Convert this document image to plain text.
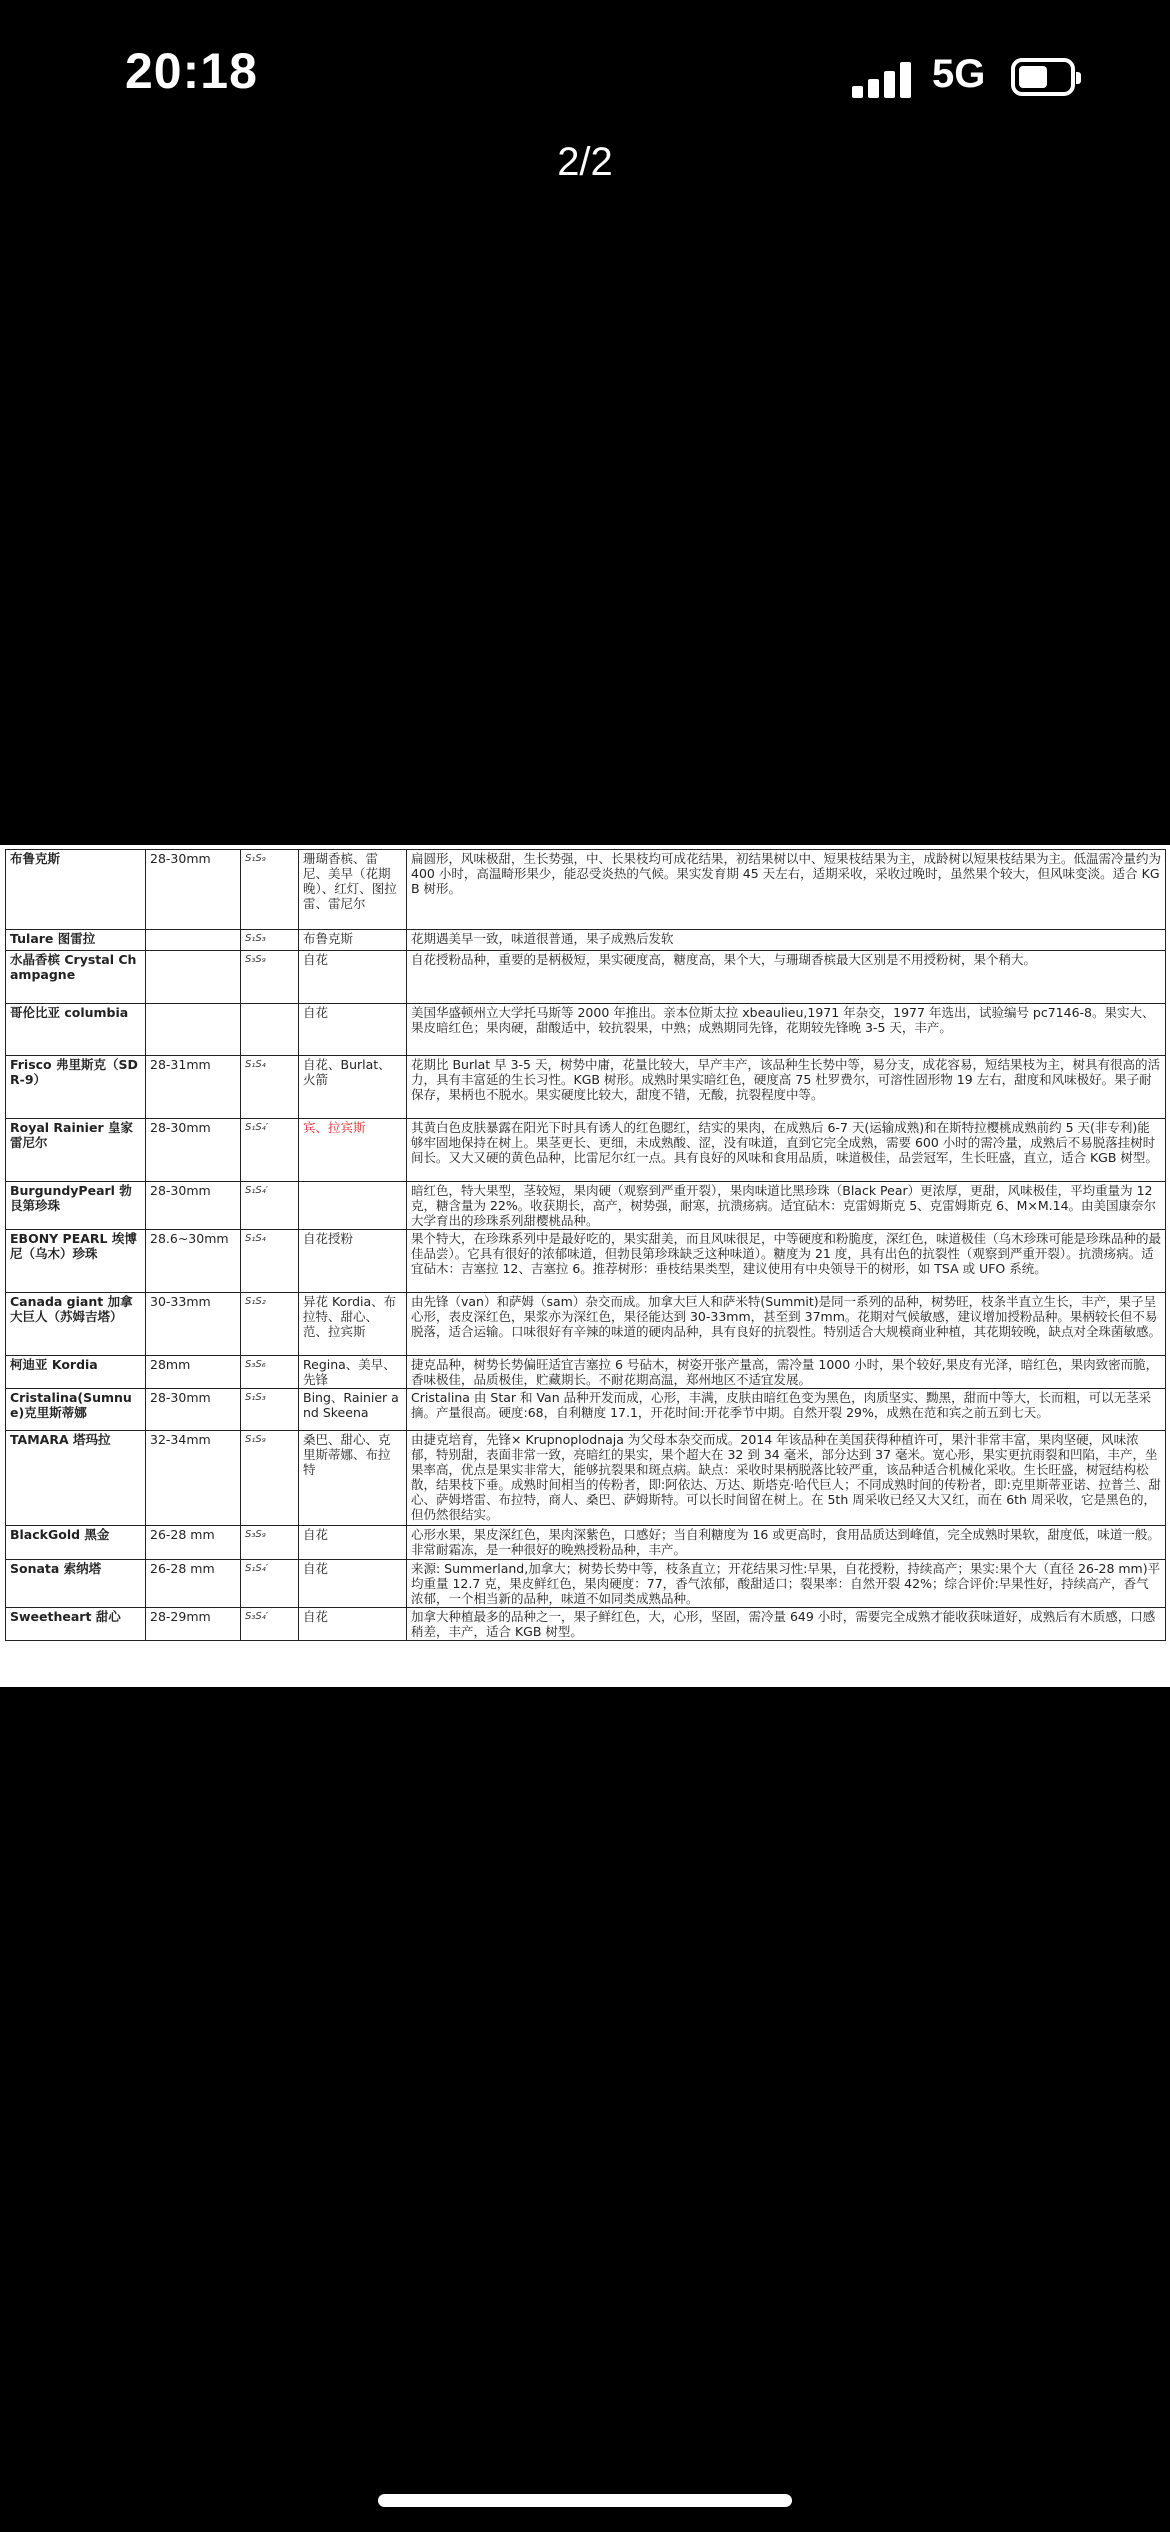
20:18	5G
2/2
布鲁克斯	28-30mm	S₁S₉	珊瑚香槟、雷尼、美早（花期晚）、红灯、图拉雷、雷尼尔	扁圆形，风味极甜，生长势强，中、长果枝均可成花结果，初结果树以中、短果枝结果为主，成龄树以短果枝结果为主。低温需冷量约为 400 小时，高温畸形果少，能忍受炎热的气候。果实发育期 45 天左右，适期采收，采收过晚时，虽然果个较大，但风味变淡。适合 KGB 树形。
Tulare 图雷拉		S₁S₃	布鲁克斯	花期遇美早一致，味道很普通，果子成熟后发软
水晶香槟 Crystal Champagne		S₃S₉	自花	自花授粉品种，重要的是柄极短，果实硬度高，糖度高，果个大，与珊瑚香槟最大区别是不用授粉树，果个稍大。
哥伦比亚 columbia			自花	美国华盛顿州立大学托马斯等 2000 年推出。亲本位斯太拉 xbeaulieu,1971 年杂交，1977 年选出，试验编号 pc7146-8。果实大、果皮暗红色；果肉硬，甜酸适中，较抗裂果，中熟；成熟期同先锋，花期较先锋晚 3-5 天，丰产。
Frisco 弗里斯克（SDR-9）	28-31mm	S₁S₄	自花、Burlat、火箭	花期比 Burlat 早 3-5 天，树势中庸，花量比较大，早产丰产，该品种生长势中等，易分支，成花容易，短结果枝为主，树具有很高的活力，具有丰富延的生长习性。KGB 树形。成熟时果实暗红色，硬度高 75 杜罗费尔，可溶性固形物 19 左右，甜度和风味极好。果子耐保存，果柄也不脱水。果实硬度比较大，甜度不错，无酸，抗裂程度中等。
Royal Rainier 皇家雷尼尔	28-30mm	S₁S₄′	宾、拉宾斯	其黄白色皮肤暴露在阳光下时具有诱人的红色腮红，结实的果肉，在成熟后 6-7 天(运输成熟)和在斯特拉樱桃成熟前约 5 天(非专利)能够牢固地保持在树上。果茎更长、更细，未成熟酸、涩，没有味道，直到它完全成熟，需要 600 小时的需冷量，成熟后不易脱落挂树时间长。又大又硬的黄色品种，比雷尼尔红一点。具有良好的风味和食用品质，味道极佳，品尝冠军，生长旺盛，直立，适合 KGB 树型。
BurgundyPearl 勃艮第珍珠	28-30mm	S₁S₄′		暗红色，特大果型，茎较短，果肉硬（观察到严重开裂），果肉味道比黑珍珠（Black Pear）更浓厚，更甜，风味极佳，平均重量为 12 克，糖含量为 22%。收获期长，高产，树势强，耐寒，抗溃疡病。适宜砧木：克雷姆斯克 5、克雷姆斯克 6、M×M.14。由美国康奈尔大学育出的珍珠系列甜樱桃品种。
EBONY PEARL 埃博尼（乌木）珍珠	28.6~30mm	S₁S₄	自花授粉	果个特大，在珍珠系列中是最好吃的，果实甜美，而且风味很足，中等硬度和粉脆度，深红色，味道极佳（乌木珍珠可能是珍珠品种的最佳品尝）。它具有很好的浓郁味道，但勃艮第珍珠缺乏这种味道）。糖度为 21 度，具有出色的抗裂性（观察到严重开裂）。抗溃疡病。适宜砧木：吉塞拉 12、吉塞拉 6。推荐树形：垂枝结果类型，建议使用有中央领导干的树形，如 TSA 或 UFO 系统。
Canada giant 加拿大巨人（苏姆吉塔）	30-33mm	S₁S₂	异花 Kordia、布拉特、甜心、范、拉宾斯	由先锋（van）和萨姆（sam）杂交而成。加拿大巨人和萨米特(Summit)是同一系列的品种，树势旺，枝条半直立生长，丰产，果子呈心形，表皮深红色，果浆亦为深红色，果径能达到 30-33mm，甚至到 37mm。花期对气候敏感，建议增加授粉品种。果柄较长但不易脱落，适合运输。口味很好有辛辣的味道的硬肉品种，具有良好的抗裂性。特别适合大规模商业种植，其花期较晚，缺点对全珠菌敏感。
柯迪亚 Kordia	28mm	S₃S₆	Regina、美早、先锋	捷克品种，树势长势偏旺适宜吉塞拉 6 号砧木，树姿开张产量高，需冷量 1000 小时，果个较好,果皮有光泽，暗红色，果肉致密而脆，香味极佳，品质极佳，贮藏期长。不耐花期高温，郑州地区不适宜发展。
Cristalina(Sumnue)克里斯蒂娜	28-30mm	S₁S₃	Bing、Rainier and Skeena	Cristalina 由 Star 和 Van 品种开发而成，心形，丰满，皮肤由暗红色变为黑色，肉质坚实、黝黑，甜而中等大，长而粗，可以无茎采摘。产量很高。硬度:68，自利糖度 17.1，开花时间:开花季节中期。自然开裂 29%，成熟在范和宾之前五到七天。
TAMARA 塔玛拉	32-34mm	S₁S₉	桑巴、甜心、克里斯蒂娜、布拉特	由捷克培育，先锋× Krupnoplodnaja 为父母本杂交而成。2014 年该品种在美国获得种植许可，果汁非常丰富，果肉坚硬，风味浓郁，特别甜，表面非常一致，亮暗红的果实，果个超大在 32 到 34 毫米，部分达到 37 毫米。宽心形，果实更抗雨裂和凹陷，丰产，坐果率高，优点是果实非常大，能够抗裂果和斑点病。缺点：采收时果柄脱落比较严重，该品种适合机械化采收。生长旺盛，树冠结构松散，结果枝下垂。成熟时间相当的传粉者，即:阿依达、万达、斯塔克·哈代巨人；不同成熟时间的传粉者，即:克里斯蒂亚诺、拉普兰、甜心、萨姆塔雷、布拉特，商人、桑巴、萨姆斯特。可以长时间留在树上。在 5th 周采收已经又大又红，而在 6th 周采收，它是黑色的，但仍然很结实。
BlackGold 黑金	26-28 mm	S₃S₉	自花	心形水果，果皮深红色，果肉深紫色，口感好；当自利糖度为 16 或更高时，食用品质达到峰值，完全成熟时果软，甜度低，味道一般。非常耐霜冻，是一种很好的晚熟授粉品种，丰产。
Sonata 索纳塔	26-28 mm	S₁S₄′	自花	来源: Summerland,加拿大；树势长势中等，枝条直立；开花结果习性:早果，自花授粉，持续高产；果实:果个大（直径 26-28 mm)平均重量 12.7 克，果皮鲜红色，果肉硬度：77，香气浓郁，酸甜适口；裂果率：自然开裂 42%；综合评价:早果性好，持续高产，香气浓郁，一个相当新的品种，味道不如同类成熟品种。
Sweetheart 甜心	28-29mm	S₃S₄′	自花	加拿大种植最多的品种之一，果子鲜红色，大，心形，坚固，需冷量 649 小时，需要完全成熟才能收获味道好，成熟后有木质感，口感稍差，丰产，适合 KGB 树型。
